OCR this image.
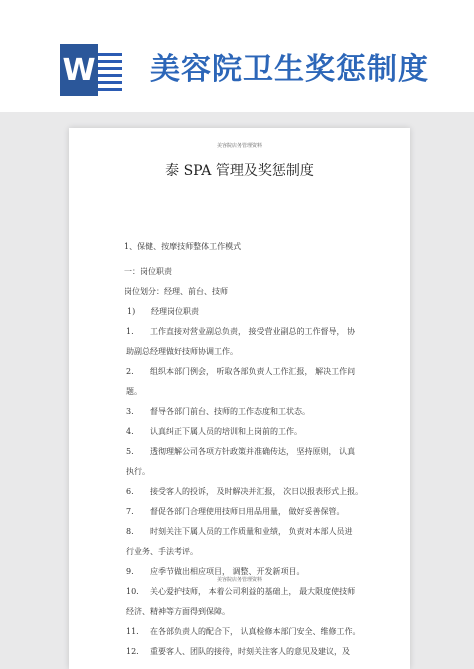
W 美容院卫生奖惩制度
美容院店务管理资料
泰 SPA 管理及奖惩制度
1、保健、按摩技师整体工作模式
一：岗位职责
岗位划分：经理、前台、技师
1) 经理岗位职责
1. 工作直接对营业副总负责， 接受营业副总的工作督导， 协
助副总经理做好技师协调工作。
2. 组织本部门例会， 听取各部负责人工作汇报， 解决工作问
题。
3. 督导各部门前台、技师的工作态度和工状态。
4. 认真纠正下属人员的培训和上岗前的工作。
5. 透彻理解公司各项方针政策并准确传达， 坚持原则， 认真
执行。
6. 接受客人的投诉， 及时解决并汇报， 次日以报表形式上报。
7. 督促各部门合理使用技师日用品用量， 做好妥善保管。
8. 时刻关注下属人员的工作质量和业绩， 负责对本部人员进
行业务、手法考评。
9. 应季节做出相应项目， 调整、开发新项目。
10. 关心爱护技师， 本着公司利益的基础上， 最大限度使技师
经济、精神等方面得到保障。
11. 在各部负责人的配合下， 认真检修本部门安全、维修工作。
12. 重要客人、团队的接待，时刻关注客人的意见及建议，及
美容院店务管理资料
